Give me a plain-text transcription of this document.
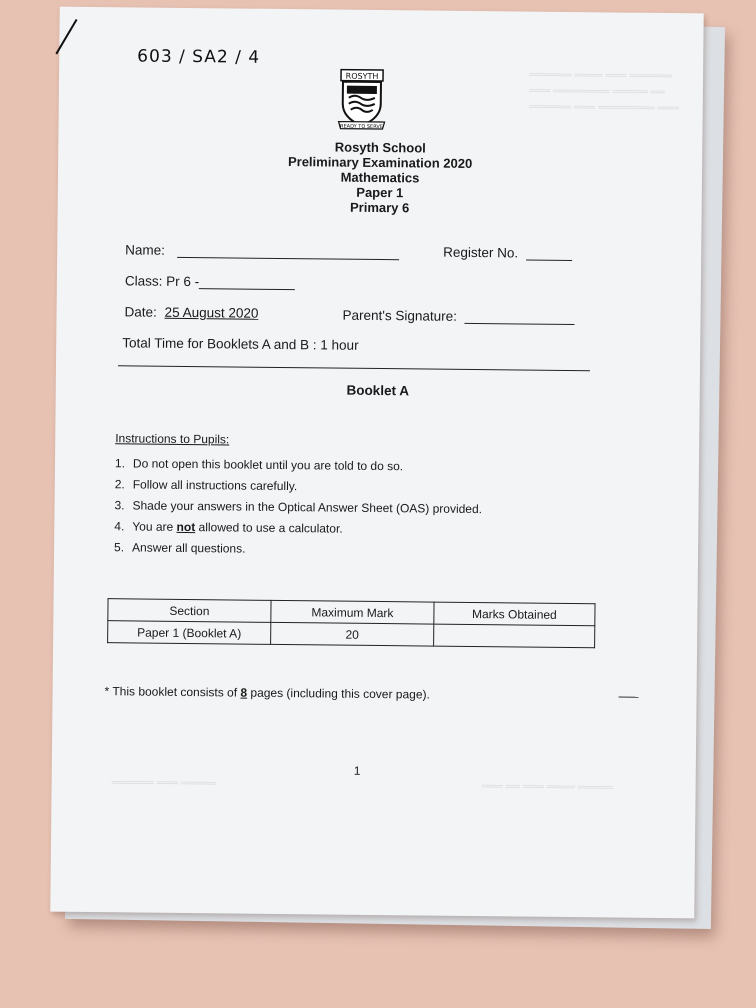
603 / SA2 / 4
══════ ════ ═══ ══════
═══ ════════ ═════ ══
══════ ═══ ════════ ═══
ROSYTH
READY TO SERVE
Rosyth School
Preliminary Examination 2020
Mathematics
Paper 1
Primary 6
Name:	Register No.
Class: Pr 6 -
Date: 25 August 2020	Parent's Signature:
Total Time for Booklets A and B : 1 hour
Booklet A
Instructions to Pupils:
1. Do not open this booklet until you are told to do so.
2. Follow all instructions carefully.
3. Shade your answers in the Optical Answer Sheet (OAS) provided.
4. You are not allowed to use a calculator.
5. Answer all questions.
Section	Maximum Mark	Marks Obtained
Paper 1 (Booklet A)	20	
* This booklet consists of 8 pages (including this cover page).
1
══════ ═══ ═════	═══ ══ ═══ ════ ═════
